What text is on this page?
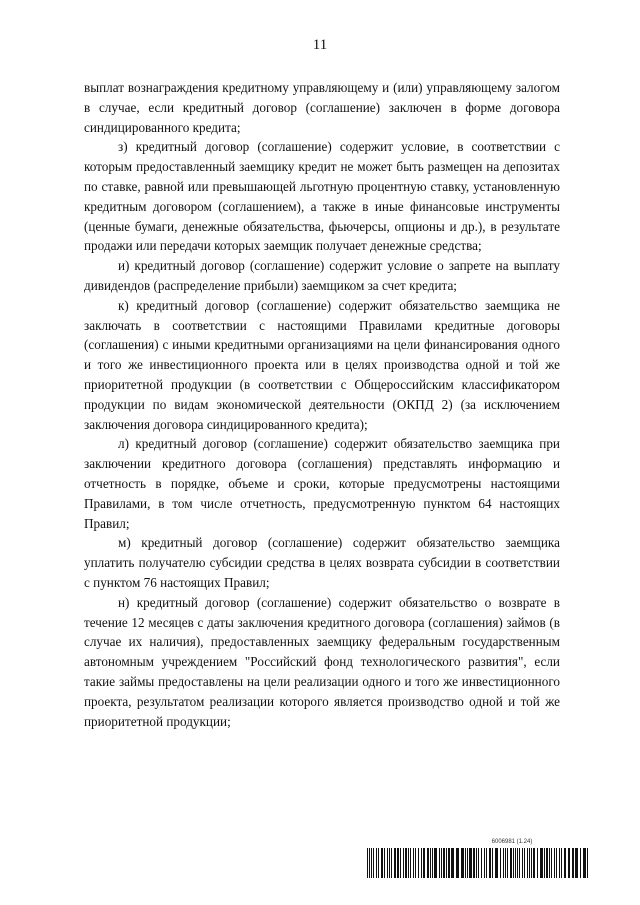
11

выплат вознаграждения кредитному управляющему и (или) управляющему залогом в случае, если кредитный договор (соглашение) заключен в форме договора синдицированного кредита;

з) кредитный договор (соглашение) содержит условие, в соответствии с которым предоставленный заемщику кредит не может быть размещен на депозитах по ставке, равной или превышающей льготную процентную ставку, установленную кредитным договором (соглашением), а также в иные финансовые инструменты (ценные бумаги, денежные обязательства, фьючерсы, опционы и др.), в результате продажи или передачи которых заемщик получает денежные средства;

и) кредитный договор (соглашение) содержит условие о запрете на выплату дивидендов (распределение прибыли) заемщиком за счет кредита;

к) кредитный договор (соглашение) содержит обязательство заемщика не заключать в соответствии с настоящими Правилами кредитные договоры (соглашения) с иными кредитными организациями на цели финансирования одного и того же инвестиционного проекта или в целях производства одной и той же приоритетной продукции (в соответствии с Общероссийским классификатором продукции по видам экономической деятельности (ОКПД 2) (за исключением заключения договора синдицированного кредита);

л) кредитный договор (соглашение) содержит обязательство заемщика при заключении кредитного договора (соглашения) представлять информацию и отчетность в порядке, объеме и сроки, которые предусмотрены настоящими Правилами, в том числе отчетность, предусмотренную пунктом 64 настоящих Правил;

м) кредитный договор (соглашение) содержит обязательство заемщика уплатить получателю субсидии средства в целях возврата субсидии в соответствии с пунктом 76 настоящих Правил;

н) кредитный договор (соглашение) содержит обязательство о возврате в течение 12 месяцев с даты заключения кредитного договора (соглашения) займов (в случае их наличия), предоставленных заемщику федеральным государственным автономным учреждением "Российский фонд технологического развития", если такие займы предоставлены на цели реализации одного и того же инвестиционного проекта, результатом реализации которого является производство одной и той же приоритетной продукции;

6006981 (1.24)
